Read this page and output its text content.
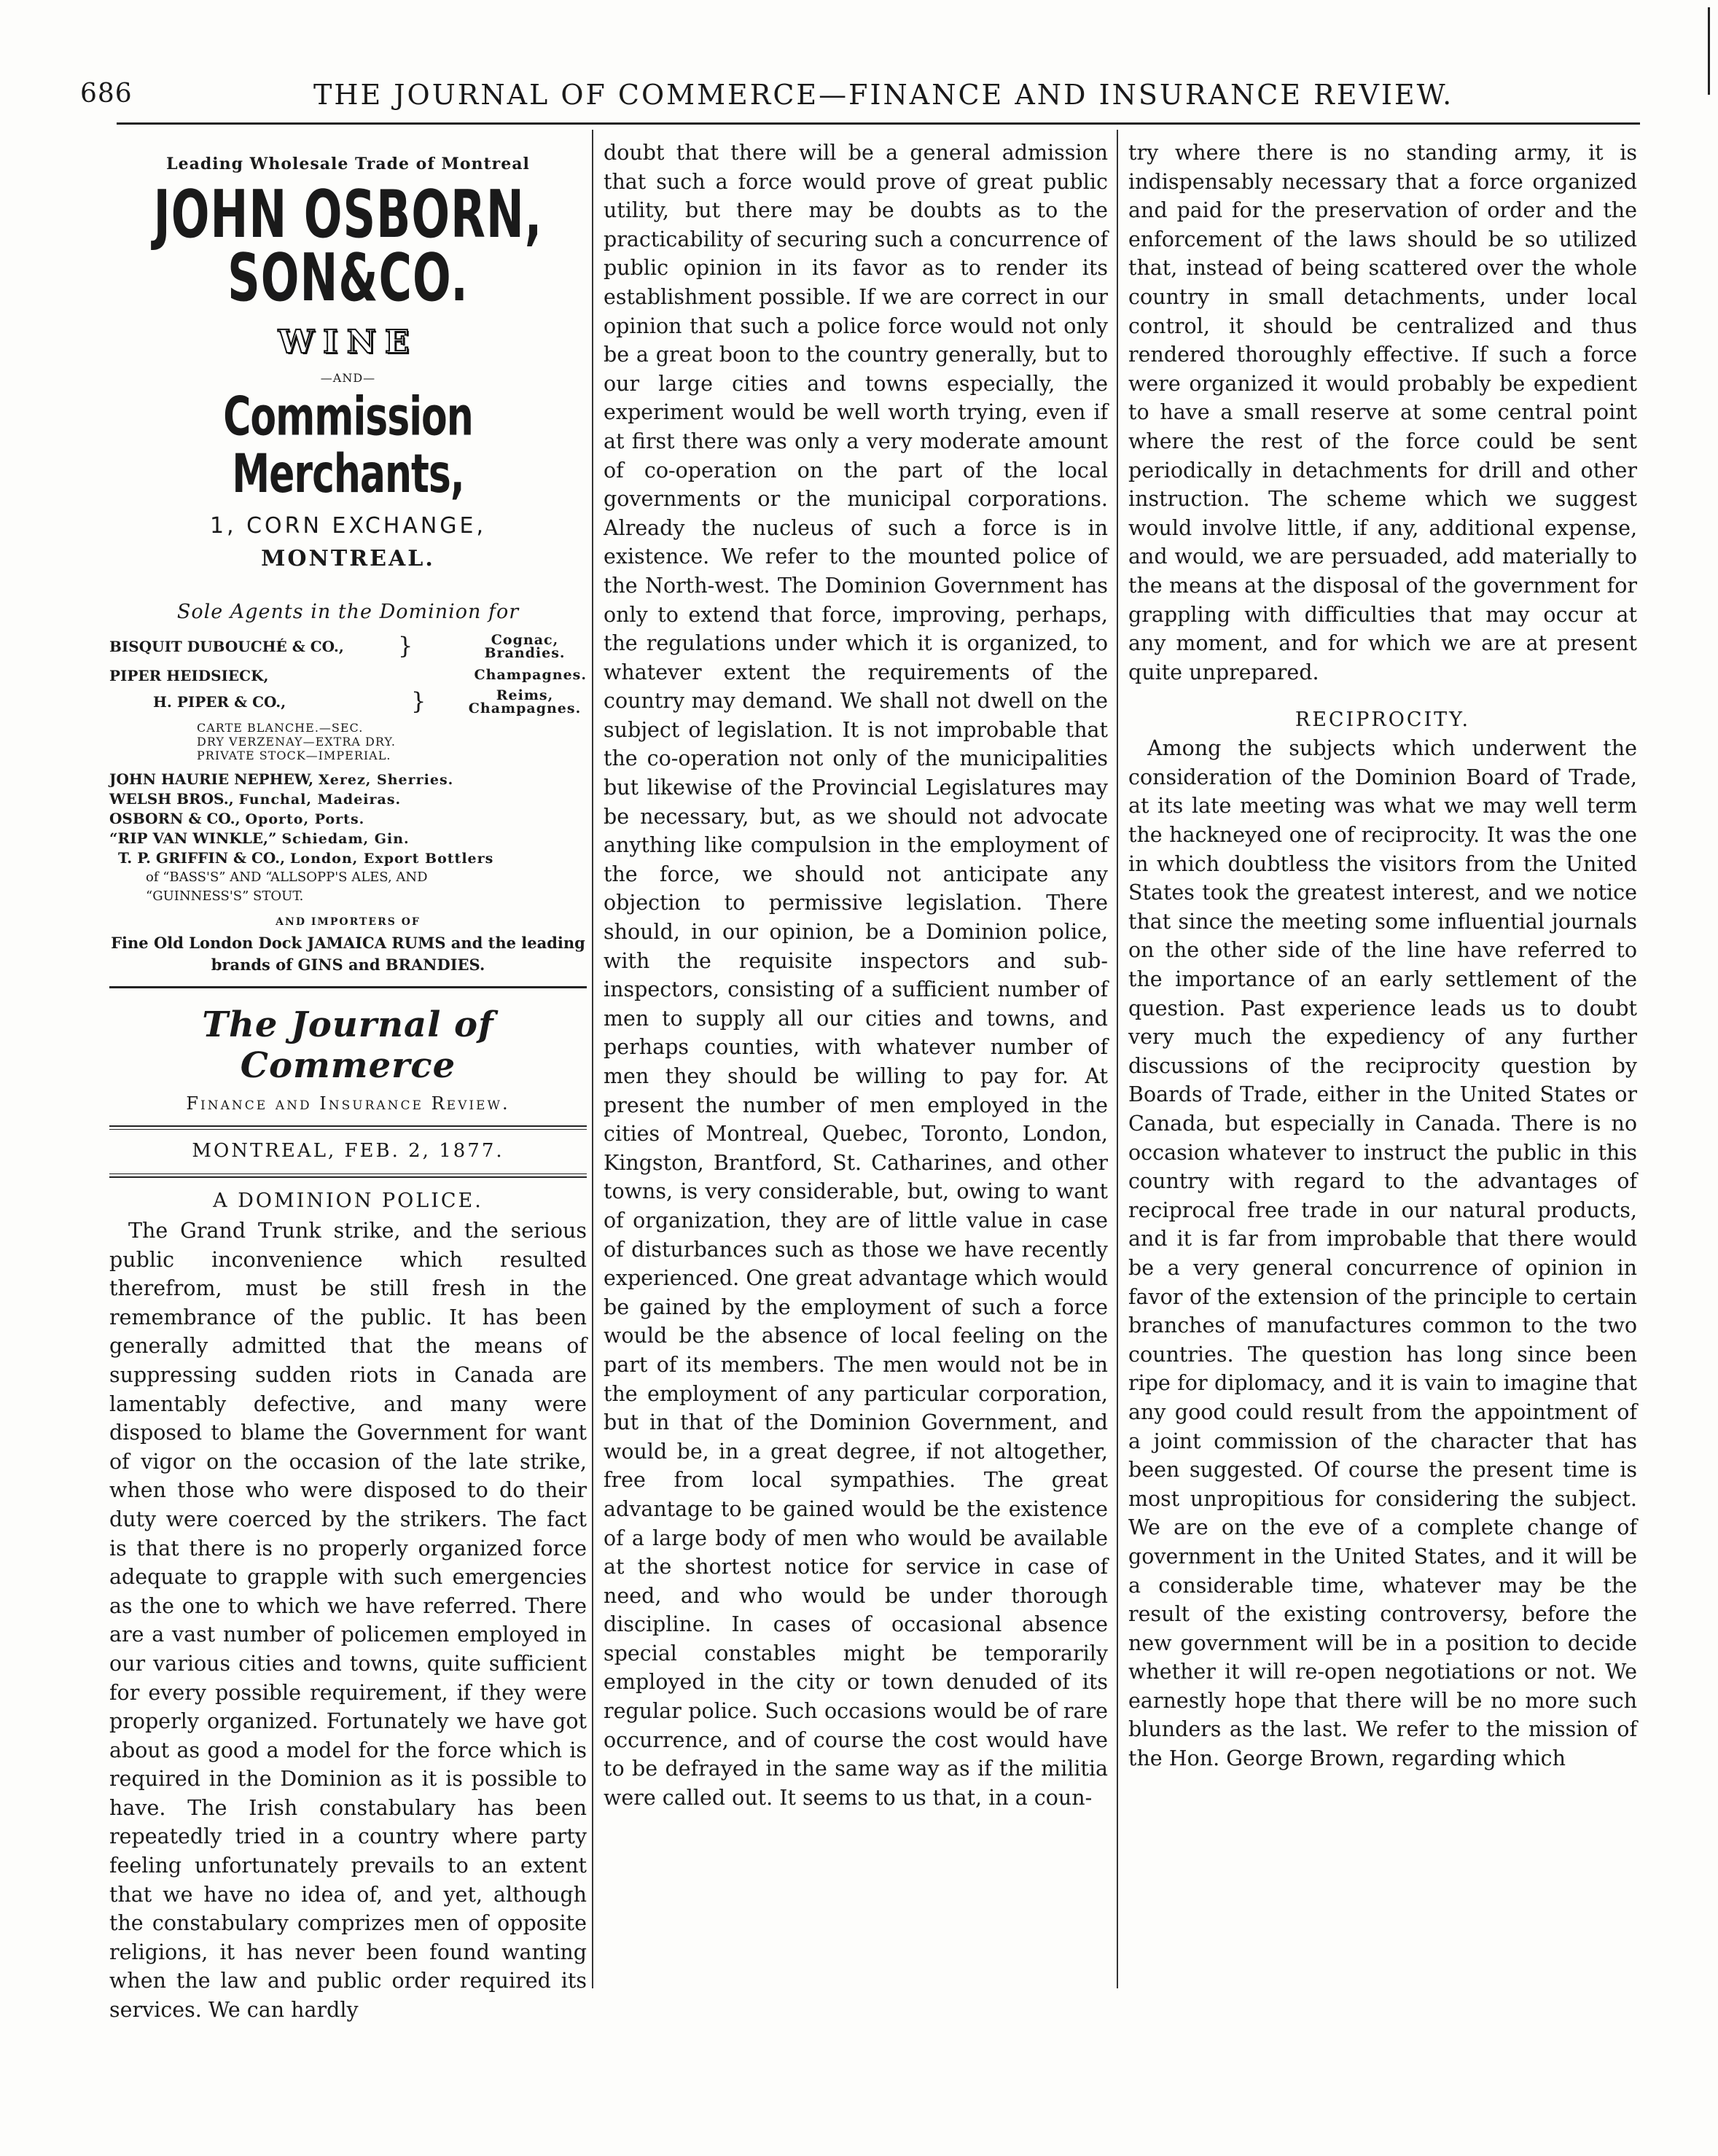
686	THE JOURNAL OF COMMERCE—FINANCE AND INSURANCE REVIEW.
Leading Wholesale Trade of Montreal
JOHN OSBORN, SON&CO.
WINE
—AND—
Commission Merchants,
1, CORN EXCHANGE,
MONTREAL.
Sole Agents in the Dominion for
BISQUIT DUBOUCHÉ & CO., }	Cognac, Brandies.
PIPER HEIDSIECK,	Champagnes.
H. PIPER & CO.,	}	Reims, Champagnes.
CARTE BLANCHE.—SEC.
DRY VERZENAY—EXTRA DRY.
PRIVATE STOCK—IMPERIAL.
JOHN HAURIE NEPHEW, Xerez, Sherries.
WELSH BROS., Funchal, Madeiras.
OSBORN & CO., Oporto, Ports.
“RIP VAN WINKLE,” Schiedam, Gin.
T. P. GRIFFIN & CO., London, Export Bottlers
of “BASS'S” AND “ALLSOPP'S ALES, AND
“GUINNESS'S” STOUT.
AND IMPORTERS OF
Fine Old London Dock JAMAICA RUMS and the leading brands of GINS and BRANDIES.
The Journal of Commerce
Finance and Insurance Review.
MONTREAL, FEB. 2, 1877.
A DOMINION POLICE.

The Grand Trunk strike, and the serious public inconvenience which resulted therefrom, must be still fresh in the remembrance of the public. It has been generally admitted that the means of suppressing sudden riots in Canada are lamentably defective, and many were disposed to blame the Government for want of vigor on the occasion of the late strike, when those who were disposed to do their duty were coerced by the strikers. The fact is that there is no properly organized force adequate to grapple with such emergencies as the one to which we have referred. There are a vast number of policemen employed in our various cities and towns, quite sufficient for every possible requirement, if they were properly organized. Fortunately we have got about as good a model for the force which is required in the Dominion as it is possible to have. The Irish constabulary has been repeatedly tried in a country where party feeling unfortunately prevails to an extent that we have no idea of, and yet, although the constabulary comprizes men of opposite religions, it has never been found wanting when the law and public order required its services. We can hardly

doubt that there will be a general admission that such a force would prove of great public utility, but there may be doubts as to the practicability of securing such a concurrence of public opinion in its favor as to render its establishment possible. If we are correct in our opinion that such a police force would not only be a great boon to the country generally, but to our large cities and towns especially, the experiment would be well worth trying, even if at first there was only a very moderate amount of co-operation on the part of the local governments or the municipal corporations. Already the nucleus of such a force is in existence. We refer to the mounted police of the North-west. The Dominion Government has only to extend that force, improving, perhaps, the regulations under which it is organized, to whatever extent the requirements of the country may demand. We shall not dwell on the subject of legislation. It is not improbable that the co-operation not only of the municipalities but likewise of the Provincial Legislatures may be necessary, but, as we should not advocate anything like compulsion in the employment of the force, we should not anticipate any objection to permissive legislation. There should, in our opinion, be a Dominion police, with the requisite inspectors and sub-inspectors, consisting of a sufficient number of men to supply all our cities and towns, and perhaps counties, with whatever number of men they should be willing to pay for. At present the number of men employed in the cities of Montreal, Quebec, Toronto, London, Kingston, Brantford, St. Catharines, and other towns, is very considerable, but, owing to want of organization, they are of little value in case of disturbances such as those we have recently experienced. One great advantage which would be gained by the employment of such a force would be the absence of local feeling on the part of its members. The men would not be in the employment of any particular corporation, but in that of the Dominion Government, and would be, in a great degree, if not altogether, free from local sympathies. The great advantage to be gained would be the existence of a large body of men who would be available at the shortest notice for service in case of need, and who would be under thorough discipline. In cases of occasional absence special constables might be temporarily employed in the city or town denuded of its regular police. Such occasions would be of rare occurrence, and of course the cost would have to be defrayed in the same way as if the militia were called out. It seems to us that, in a coun-

try where there is no standing army, it is indispensably necessary that a force organized and paid for the preservation of order and the enforcement of the laws should be so utilized that, instead of being scattered over the whole country in small detachments, under local control, it should be centralized and thus rendered thoroughly effective. If such a force were organized it would probably be expedient to have a small reserve at some central point where the rest of the force could be sent periodically in detachments for drill and other instruction. The scheme which we suggest would involve little, if any, additional expense, and would, we are persuaded, add materially to the means at the disposal of the government for grappling with difficulties that may occur at any moment, and for which we are at present quite unprepared.

RECIPROCITY.

Among the subjects which underwent the consideration of the Dominion Board of Trade, at its late meeting was what we may well term the hackneyed one of reciprocity. It was the one in which doubtless the visitors from the United States took the greatest interest, and we notice that since the meeting some influential journals on the other side of the line have referred to the importance of an early settlement of the question. Past experience leads us to doubt very much the expediency of any further discussions of the reciprocity question by Boards of Trade, either in the United States or Canada, but especially in Canada. There is no occasion whatever to instruct the public in this country with regard to the advantages of reciprocal free trade in our natural products, and it is far from improbable that there would be a very general concurrence of opinion in favor of the extension of the principle to certain branches of manufactures common to the two countries. The question has long since been ripe for diplomacy, and it is vain to imagine that any good could result from the appointment of a joint commission of the character that has been suggested. Of course the present time is most unpropitious for considering the subject. We are on the eve of a complete change of government in the United States, and it will be a considerable time, whatever may be the result of the existing controversy, before the new government will be in a position to decide whether it will re-open negotiations or not. We earnestly hope that there will be no more such blunders as the last. We refer to the mission of the Hon. George Brown, regarding which
